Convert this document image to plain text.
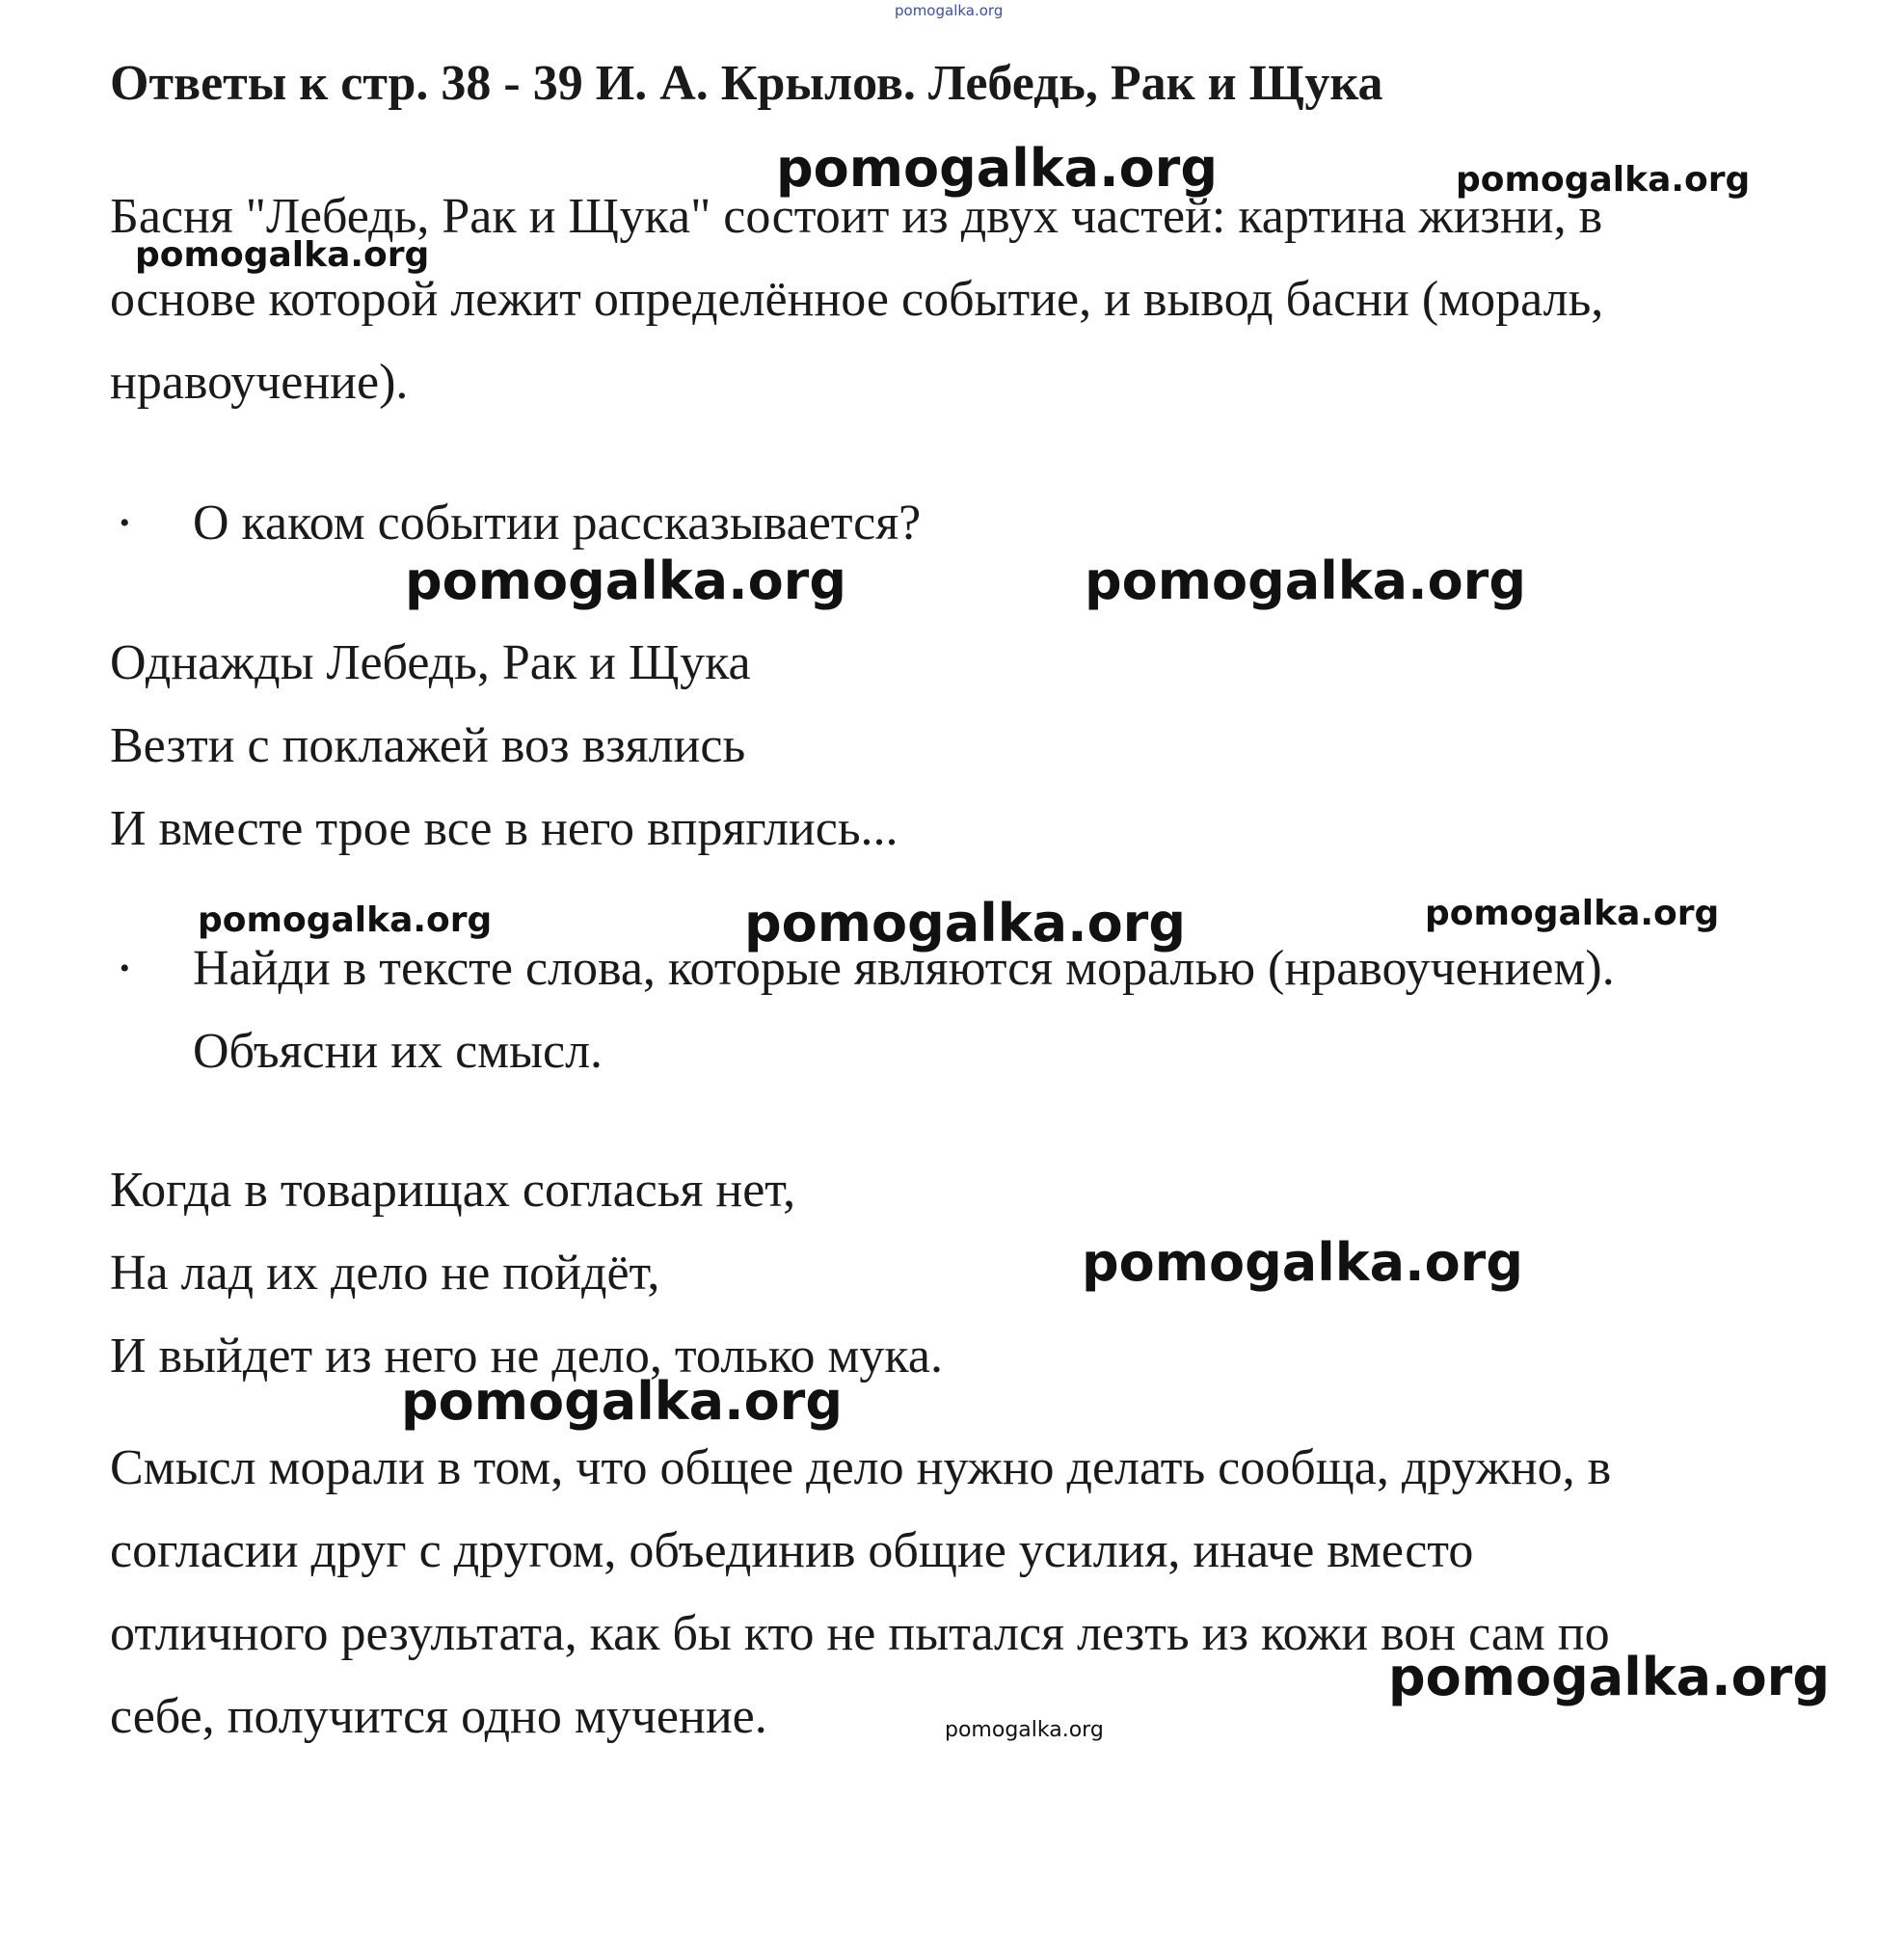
pomogalka.org
Ответы к стр. 38 - 39 И. А. Крылов. Лебедь, Рак и Щука

Басня "Лебедь, Рак и Щука" состоит из двух частей: картина жизни, в
основе которой лежит определённое событие, и вывод басни (мораль,
нравоучение).

• О каком событии рассказывается?

Однажды Лебедь, Рак и Щука

Везти с поклажей воз взялись

И вместе трое все в него впряглись...

• Найди в тексте слова, которые являются моралью (нравоучением).

Объясни их смысл.

Когда в товарищах согласья нет,

На лад их дело не пойдёт,

И выйдет из него не дело, только мука.

Смысл морали в том, что общее дело нужно делать сообща, дружно, в
согласии друг с другом, объединив общие усилия, иначе вместо
отличного результата, как бы кто не пытался лезть из кожи вон сам по
себе, получится одно мучение.

pomogalka.org	pomogalka.org
pomogalka.org
pomogalka.org	pomogalka.org
pomogalka.org	pomogalka.org	pomogalka.org
pomogalka.org
pomogalka.org
pomogalka.org
pomogalka.org
